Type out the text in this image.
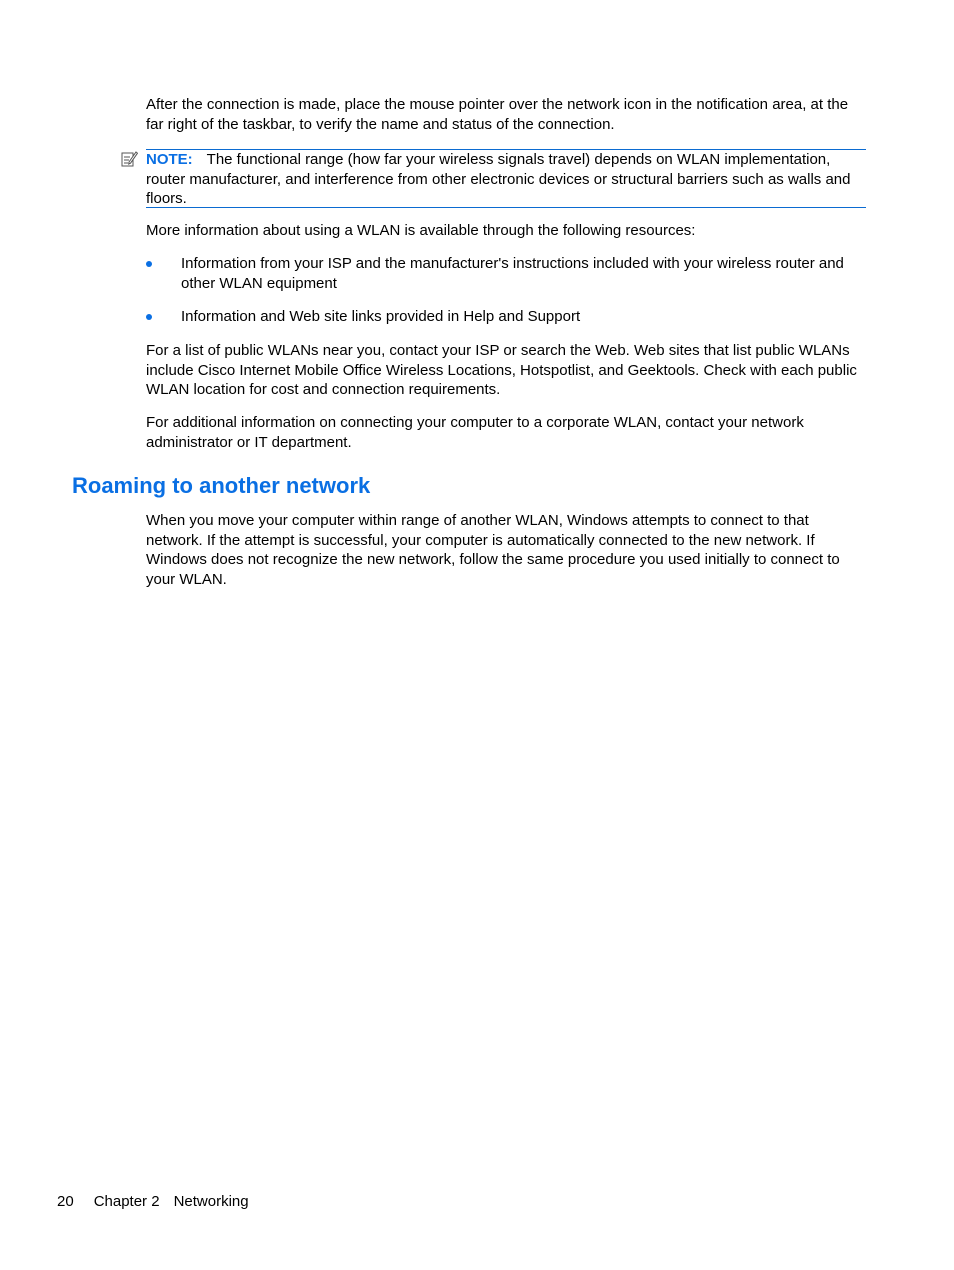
After the connection is made, place the mouse pointer over the network icon in the notification area, at the far right of the taskbar, to verify the name and status of the connection.

NOTE: The functional range (how far your wireless signals travel) depends on WLAN implementation, router manufacturer, and interference from other electronic devices or structural barriers such as walls and floors.

More information about using a WLAN is available through the following resources:

Information from your ISP and the manufacturer's instructions included with your wireless router and other WLAN equipment

Information and Web site links provided in Help and Support

For a list of public WLANs near you, contact your ISP or search the Web. Web sites that list public WLANs include Cisco Internet Mobile Office Wireless Locations, Hotspotlist, and Geektools. Check with each public WLAN location for cost and connection requirements.

For additional information on connecting your computer to a corporate WLAN, contact your network administrator or IT department.

Roaming to another network

When you move your computer within range of another WLAN, Windows attempts to connect to that network. If the attempt is successful, your computer is automatically connected to the new network. If Windows does not recognize the new network, follow the same procedure you used initially to connect to your WLAN.

20 Chapter 2 Networking
